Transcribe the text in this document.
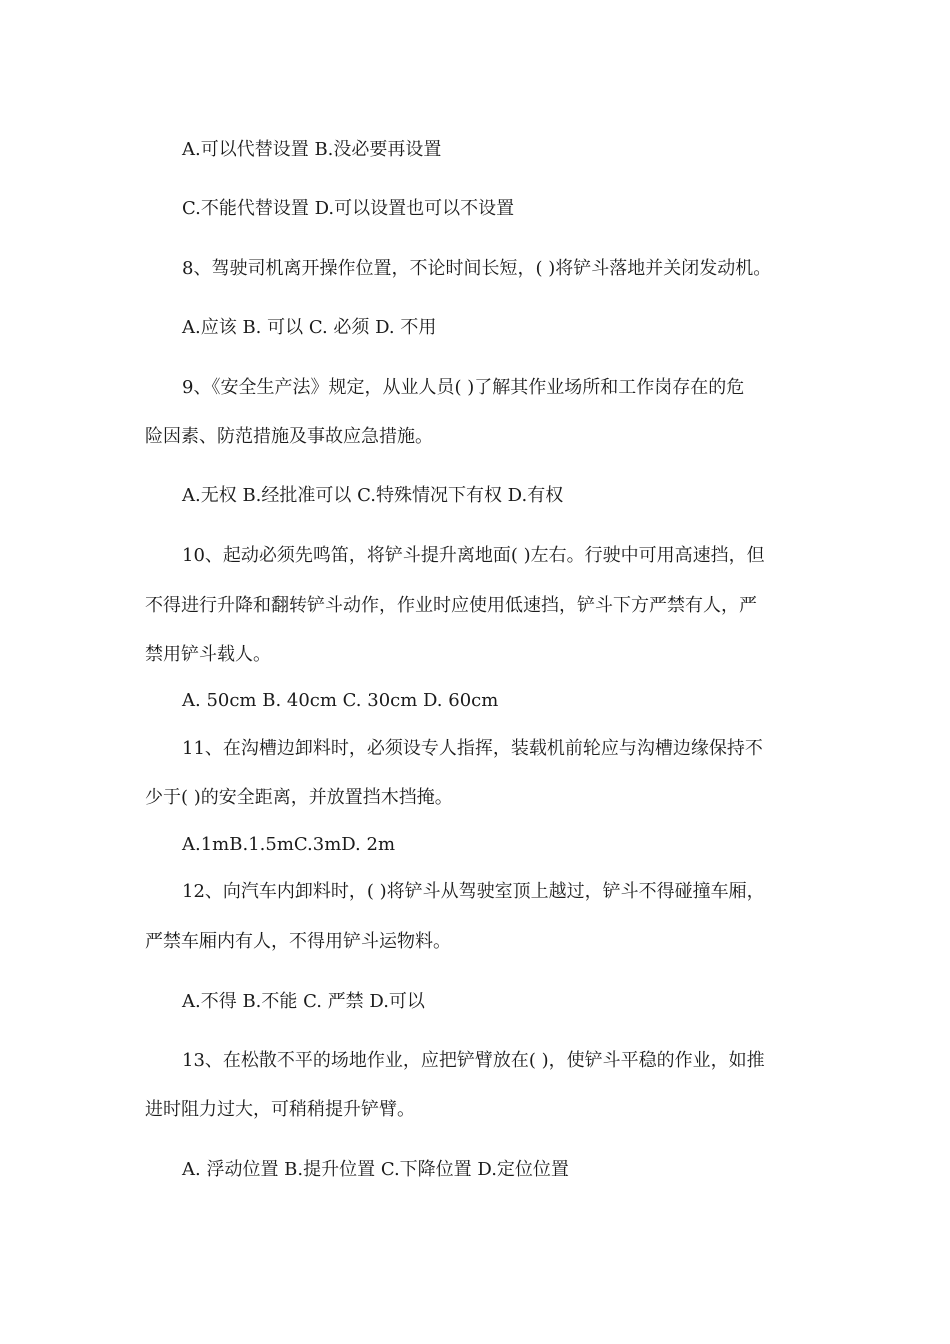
A.可以代替设置 B.没必要再设置
C.不能代替设置 D.可以设置也可以不设置
8、驾驶司机离开操作位置，不论时间长短，( )将铲斗落地并关闭发动机。
A.应该 B. 可以 C. 必须 D. 不用
9、《安全生产法》规定，从业人员( )了解其作业场所和工作岗存在的危
险因素、防范措施及事故应急措施。
A.无权 B.经批准可以 C.特殊情况下有权 D.有权
10、起动必须先鸣笛，将铲斗提升离地面( )左右。行驶中可用高速挡，但
不得进行升降和翻转铲斗动作，作业时应使用低速挡，铲斗下方严禁有人，严
禁用铲斗载人。
A. 50cm B. 40cm C. 30cm D. 60cm
11、在沟槽边卸料时，必须设专人指挥，装载机前轮应与沟槽边缘保持不
少于( )的安全距离，并放置挡木挡掩。
A.1mB.1.5mC.3mD. 2m
12、向汽车内卸料时，( )将铲斗从驾驶室顶上越过，铲斗不得碰撞车厢，
严禁车厢内有人，不得用铲斗运物料。
A.不得 B.不能 C. 严禁 D.可以
13、在松散不平的场地作业，应把铲臂放在( )，使铲斗平稳的作业，如推
进时阻力过大，可稍稍提升铲臂。
A. 浮动位置 B.提升位置 C.下降位置 D.定位位置
